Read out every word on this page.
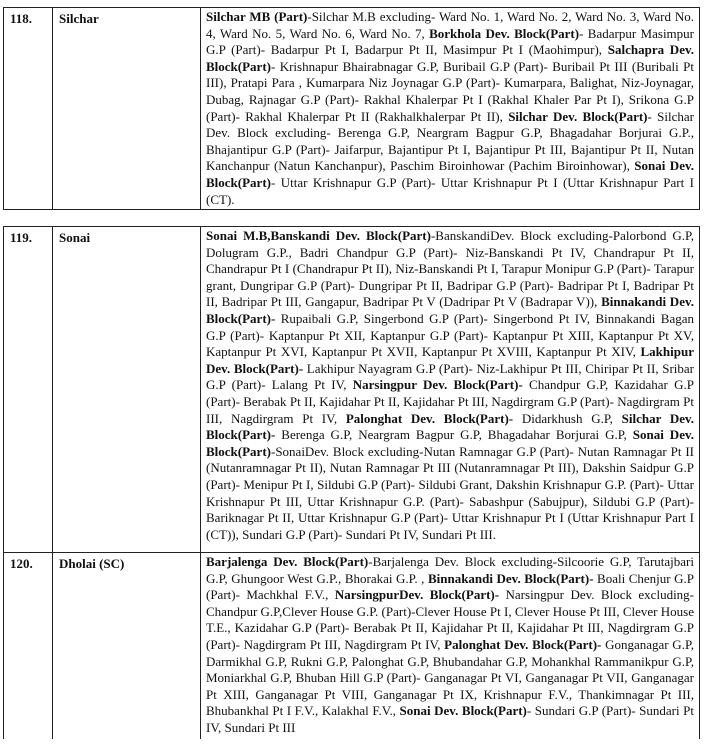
118.	Silchar	Silchar MB (Part)-Silchar M.B excluding- Ward No. 1, Ward No. 2, Ward No. 3, Ward No. 4, Ward No. 5, Ward No. 6, Ward No. 7, Borkhola Dev. Block(Part)- Badarpur Masimpur G.P (Part)- Badarpur Pt I, Badarpur Pt II, Masimpur Pt I (Maohimpur), Salchapra Dev. Block(Part)- Krishnapur Bhairabnagar G.P, Buribail G.P (Part)- Buribail Pt III (Buribali Pt III), Pratapi Para , Kumarpara Niz Joynagar G.P (Part)- Kumarpara, Balighat, Niz-Joynagar, Dubag, Rajnagar G.P (Part)- Rakhal Khalerpar Pt I (Rakhal Khaler Par Pt I), Srikona G.P (Part)- Rakhal Khalerpar Pt II (Rakhalkhalerpar Pt II), Silchar Dev. Block(Part)- Silchar Dev. Block excluding- Berenga G.P, Neargram Bagpur G.P, Bhagadahar Borjurai G.P., Bhajantipur G.P (Part)- Jaifarpur, Bajantipur Pt I, Bajantipur Pt III, Bajantipur Pt II, Nutan Kanchanpur (Natun Kanchanpur), Paschim Biroinhowar (Pachim Biroinhowar), Sonai Dev. Block(Part)- Uttar Krishnapur G.P (Part)- Uttar Krishnapur Pt I (Uttar Krishnapur Part I (CT).
119.	Sonai	Sonai M.B,Banskandi Dev. Block(Part)-BanskandiDev. Block excluding-Palorbond G.P, Dolugram G.P., Badri Chandpur G.P (Part)- Niz-Banskandi Pt IV, Chandrapur Pt II, Chandrapur Pt I (Chandrapur Pt II), Niz-Banskandi Pt I, Tarapur Monipur G.P (Part)- Tarapur grant, Dungripar G.P (Part)- Dungripar Pt II, Badripar G.P (Part)- Badripar Pt I, Badripar Pt II, Badripar Pt III, Gangapur, Badripar Pt V (Dadripar Pt V (Badrapar V)), Binnakandi Dev. Block(Part)- Rupaibali G.P, Singerbond G.P (Part)- Singerbond Pt IV, Binnakandi Bagan G.P (Part)- Kaptanpur Pt XII, Kaptanpur G.P (Part)- Kaptanpur Pt XIII, Kaptanpur Pt XV, Kaptanpur Pt XVI, Kaptanpur Pt XVII, Kaptanpur Pt XVIII, Kaptanpur Pt XIV, Lakhipur Dev. Block(Part)- Lakhipur Nayagram G.P (Part)- Niz-Lakhipur Pt III, Chiripar Pt II, Sribar G.P (Part)- Lalang Pt IV, Narsingpur Dev. Block(Part)- Chandpur G.P, Kazidahar G.P (Part)- Berabak Pt II, Kajidahar Pt II, Kajidahar Pt III, Nagdirgram G.P (Part)- Nagdirgram Pt III, Nagdirgram Pt IV, Palonghat Dev. Block(Part)- Didarkhush G.P, Silchar Dev. Block(Part)- Berenga G.P, Neargram Bagpur G.P, Bhagadahar Borjurai G.P, Sonai Dev. Block(Part)-SonaiDev. Block excluding-Nutan Ramnagar G.P (Part)- Nutan Ramnagar Pt II (Nutanramnagar Pt II), Nutan Ramnagar Pt III (Nutanramnagar Pt III), Dakshin Saidpur G.P (Part)- Menipur Pt I, Sildubi G.P (Part)- Sildubi Grant, Dakshin Krishnapur G.P. (Part)- Uttar Krishnapur Pt III, Uttar Krishnapur G.P. (Part)- Sabashpur (Sabujpur), Sildubi G.P (Part)- Bariknagar Pt II, Uttar Krishnapur G.P (Part)- Uttar Krishnapur Pt I (Uttar Krishnapur Part I (CT)), Sundari G.P (Part)- Sundari Pt IV, Sundari Pt III.
120.	Dholai (SC)	Barjalenga Dev. Block(Part)-Barjalenga Dev. Block excluding-Silcoorie G.P, Tarutajbari G.P, Ghungoor West G.P., Bhorakai G.P. , Binnakandi Dev. Block(Part)- Boali Chenjur G.P (Part)- Machkhal F.V., NarsingpurDev. Block(Part)- Narsingpur Dev. Block excluding-Chandpur G.P,Clever House G.P. (Part)-Clever House Pt I, Clever House Pt III, Clever House T.E., Kazidahar G.P (Part)- Berabak Pt II, Kajidahar Pt II, Kajidahar Pt III, Nagdirgram G.P (Part)- Nagdirgram Pt III, Nagdirgram Pt IV, Palonghat Dev. Block(Part)- Gonganagar G.P, Darmikhal G.P, Rukni G.P, Palonghat G.P, Bhubandahar G.P, Mohankhal Rammanikpur G.P, Moniarkhal G.P, Bhuban Hill G.P (Part)- Ganganagar Pt VI, Ganganagar Pt VII, Ganganagar Pt XIII, Ganganagar Pt VIII, Ganganagar Pt IX, Krishnapur F.V., Thankimnagar Pt III, Bhubankhal Pt I F.V., Kalakhal F.V., Sonai Dev. Block(Part)- Sundari G.P (Part)- Sundari Pt IV, Sundari Pt III
